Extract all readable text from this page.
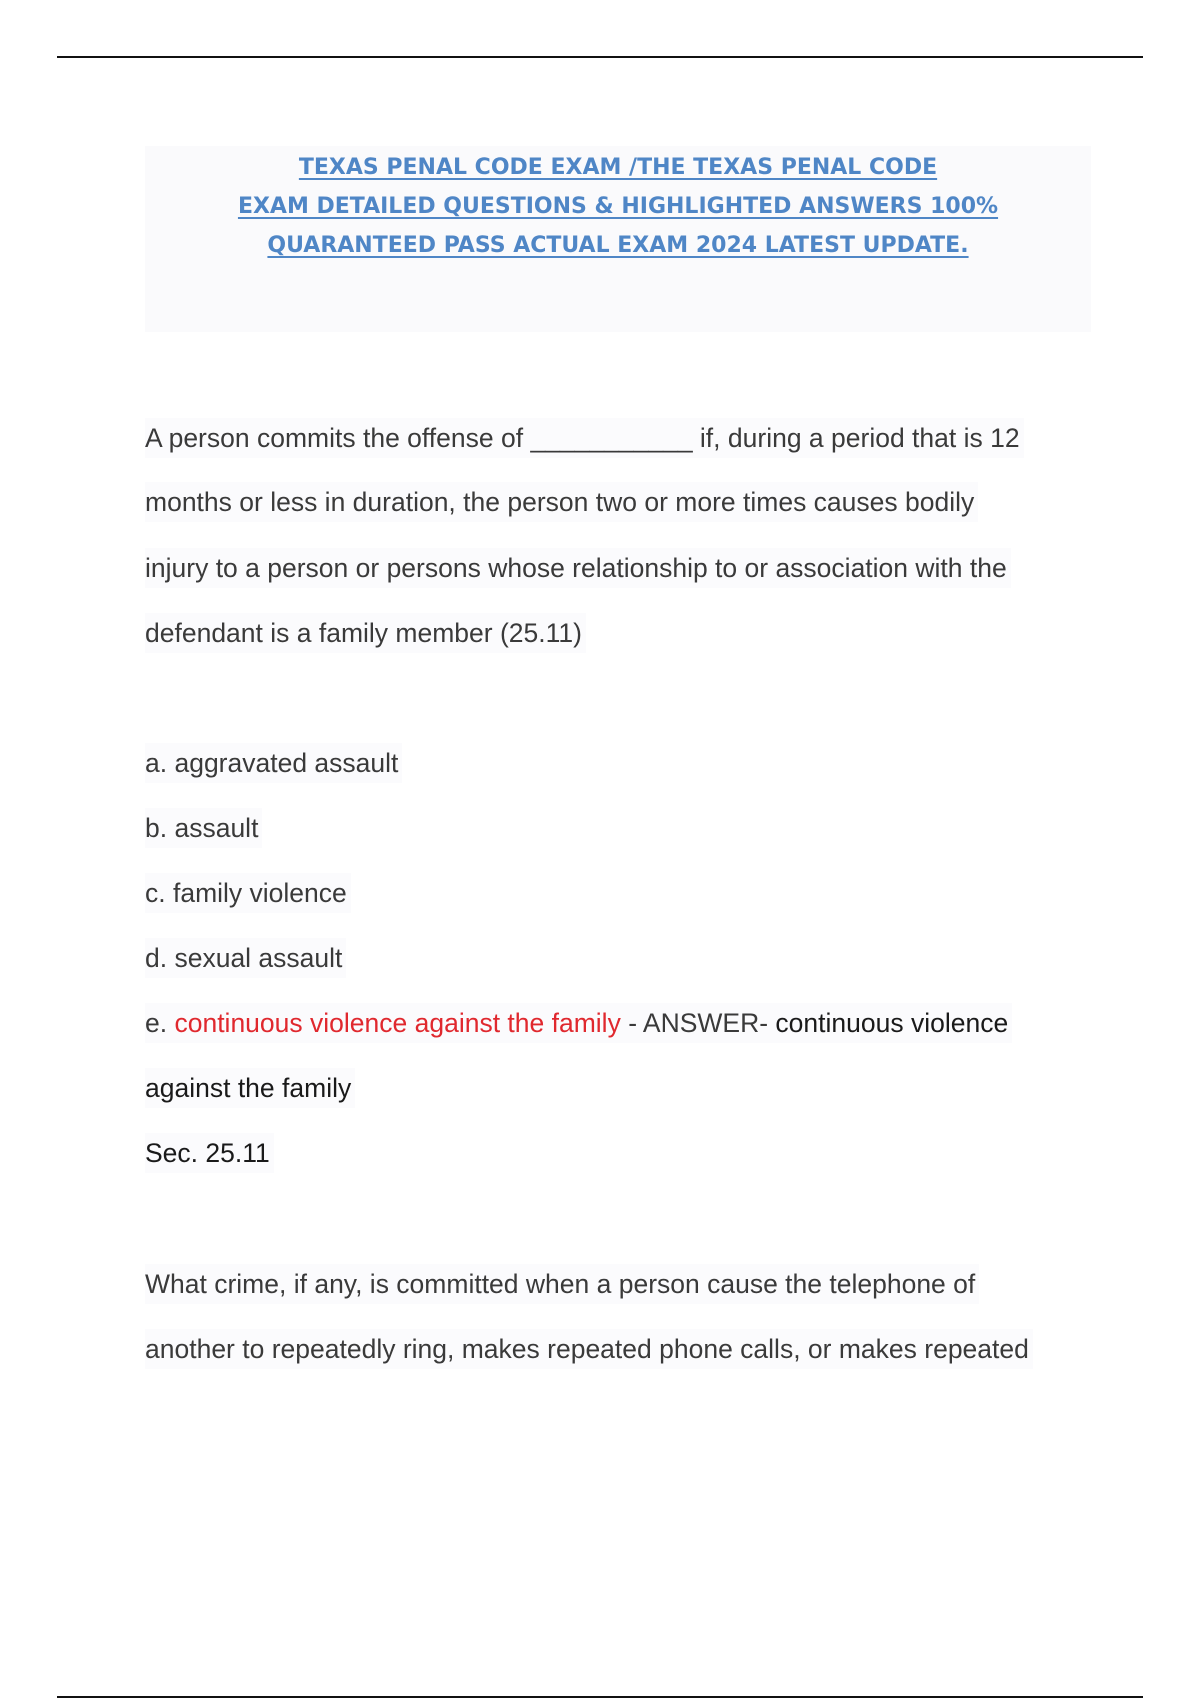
TEXAS PENAL CODE EXAM /THE TEXAS PENAL CODE
EXAM DETAILED QUESTIONS & HIGHLIGHTED ANSWERS 100%
QUARANTEED PASS ACTUAL EXAM 2024 LATEST UPDATE.
A person commits the offense of ___________ if, during a period that is 12
months or less in duration, the person two or more times causes bodily
injury to a person or persons whose relationship to or association with the
defendant is a family member (25.11)
a. aggravated assault
b. assault
c. family violence
d. sexual assault
e. continuous violence against the family - ANSWER- continuous violence
against the family
Sec. 25.11
What crime, if any, is committed when a person cause the telephone of
another to repeatedly ring, makes repeated phone calls, or makes repeated
